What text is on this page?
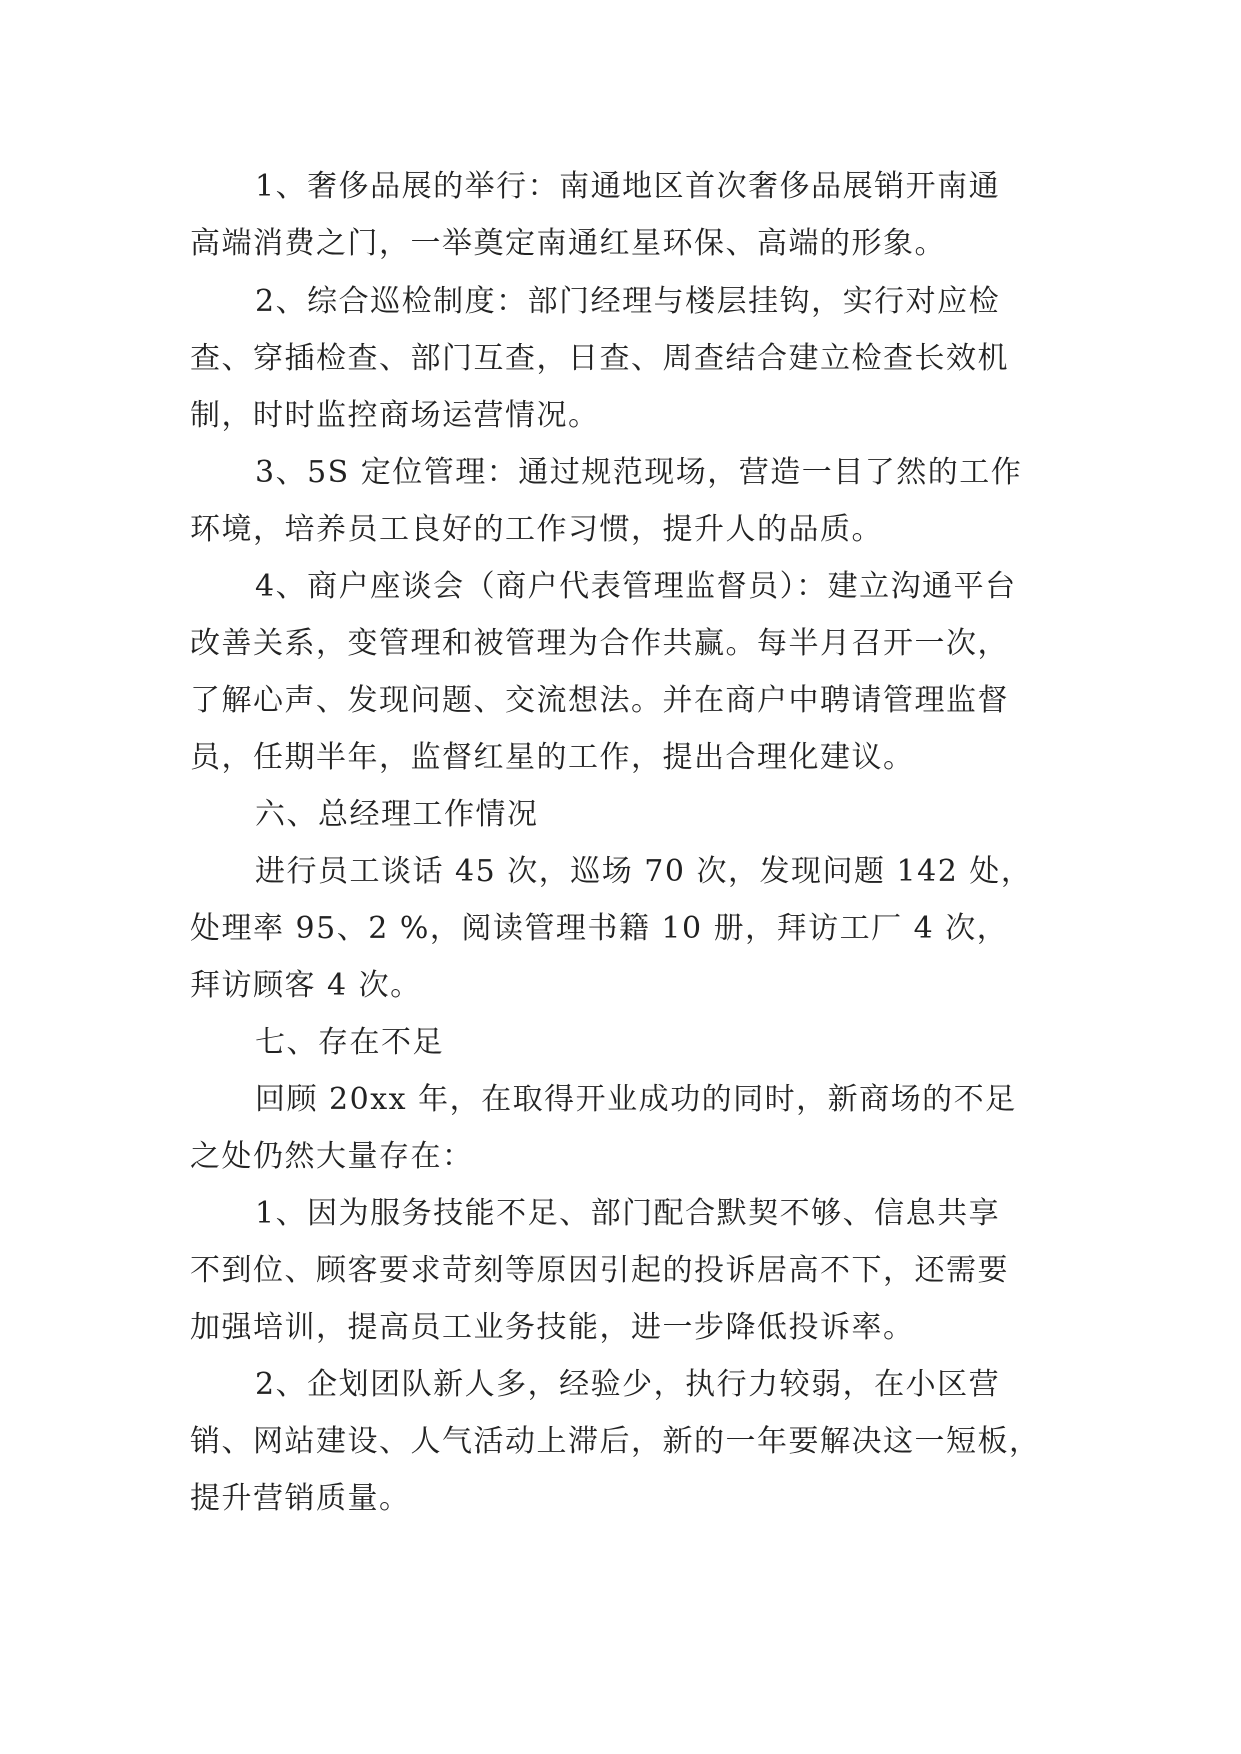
1、奢侈品展的举行：南通地区首次奢侈品展销开南通

高端消费之门，一举奠定南通红星环保、高端的形象。

2、综合巡检制度：部门经理与楼层挂钩，实行对应检

查、穿插检查、部门互查，日查、周查结合建立检查长效机

制，时时监控商场运营情况。

3、5S 定位管理：通过规范现场，营造一目了然的工作

环境，培养员工良好的工作习惯，提升人的品质。

4、商户座谈会（商户代表管理监督员）：建立沟通平台

改善关系，变管理和被管理为合作共赢。每半月召开一次，

了解心声、发现问题、交流想法。并在商户中聘请管理监督

员，任期半年，监督红星的工作，提出合理化建议。

六、总经理工作情况

进行员工谈话 45 次，巡场 70 次，发现问题 142 处，

处理率 95、2 %，阅读管理书籍 10 册，拜访工厂 4 次，

拜访顾客 4 次。

七、存在不足

回顾 20xx 年，在取得开业成功的同时，新商场的不足

之处仍然大量存在：

1、因为服务技能不足、部门配合默契不够、信息共享

不到位、顾客要求苛刻等原因引起的投诉居高不下，还需要

加强培训，提高员工业务技能，进一步降低投诉率。

2、企划团队新人多，经验少，执行力较弱，在小区营

销、网站建设、人气活动上滞后，新的一年要解决这一短板，

提升营销质量。
